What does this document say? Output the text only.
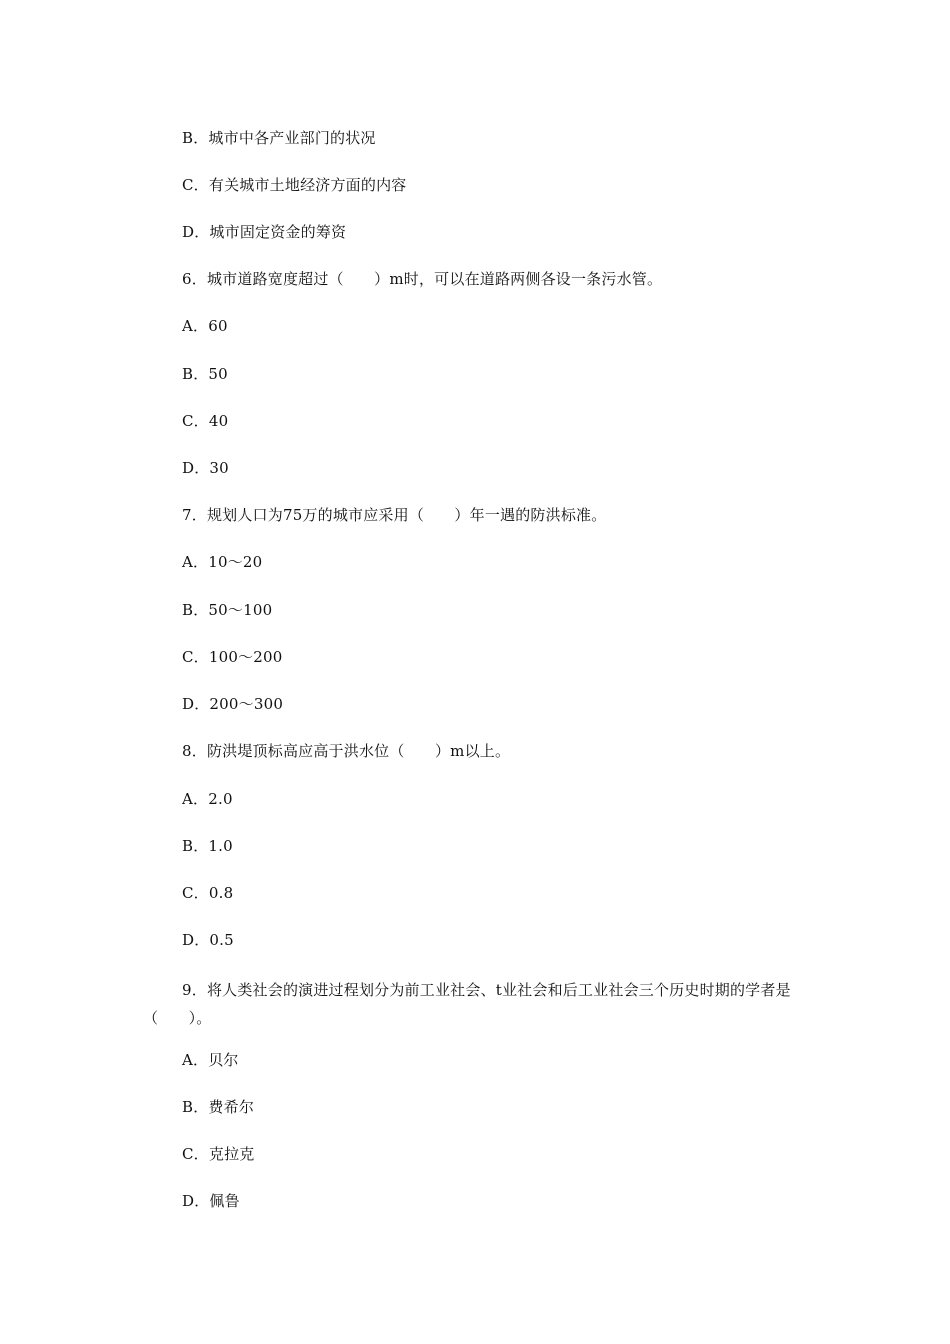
B．城市中各产业部门的状况
C．有关城市土地经济方面的内容
D．城市固定资金的筹资
6．城市道路宽度超过（　　）m时，可以在道路两侧各设一条污水管。
A．60
B．50
C．40
D．30
7．规划人口为75万的城市应采用（　　）年一遇的防洪标准。
A．10～20
B．50～100
C．100～200
D．200～300
8．防洪堤顶标高应高于洪水位（　　）m以上。
A．2.0
B．1.0
C．0.8
D．0.5
9．将人类社会的演进过程划分为前工业社会、t业社会和后工业社会三个历史时期的学者是（　　）。
A．贝尔
B．费希尔
C．克拉克
D．佩鲁
